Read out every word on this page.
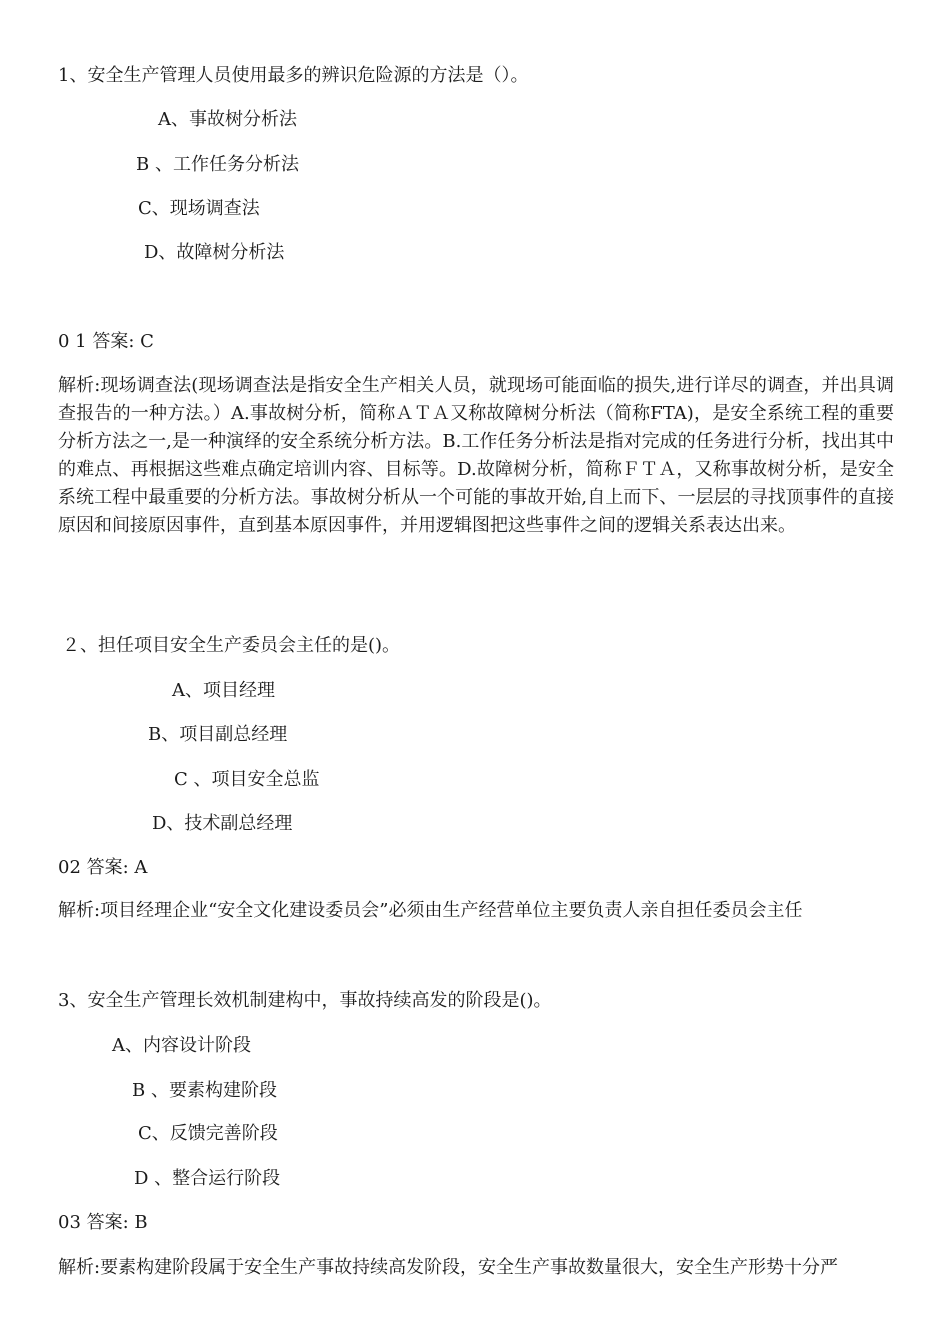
1、安全生产管理人员使用最多的辨识危险源的方法是（）。
A、事故树分析法
B 、工作任务分析法
C、现场调查法
D、故障树分析法
0 1 答案: C
解析:现场调查法(现场调查法是指安全生产相关人员，就现场可能面临的损失,进行详尽的调查，并出具调查报告的一种方法。）A.事故树分析，简称ＡＴＡ又称故障树分析法（简称FTA)，是安全系统工程的重要分析方法之一,是一种演绎的安全系统分析方法。B.工作任务分析法是指对完成的任务进行分析，找出其中的难点、再根据这些难点确定培训内容、目标等。D.故障树分析，简称ＦＴＡ，又称事故树分析，是安全系统工程中最重要的分析方法。事故树分析从一个可能的事故开始,自上而下、一层层的寻找顶事件的直接原因和间接原因事件，直到基本原因事件，并用逻辑图把这些事件之间的逻辑关系表达出来。
２、担任项目安全生产委员会主任的是()。
A、项目经理
B、项目副总经理
C 、项目安全总监
D、技术副总经理
02 答案: A
解析:项目经理企业“安全文化建设委员会”必须由生产经营单位主要负责人亲自担任委员会主任
3、安全生产管理长效机制建构中，事故持续高发的阶段是()。
A、内容设计阶段
B 、要素构建阶段
C、反馈完善阶段
D 、整合运行阶段
03 答案: B
解析:要素构建阶段属于安全生产事故持续高发阶段，安全生产事故数量很大，安全生产形势十分严
